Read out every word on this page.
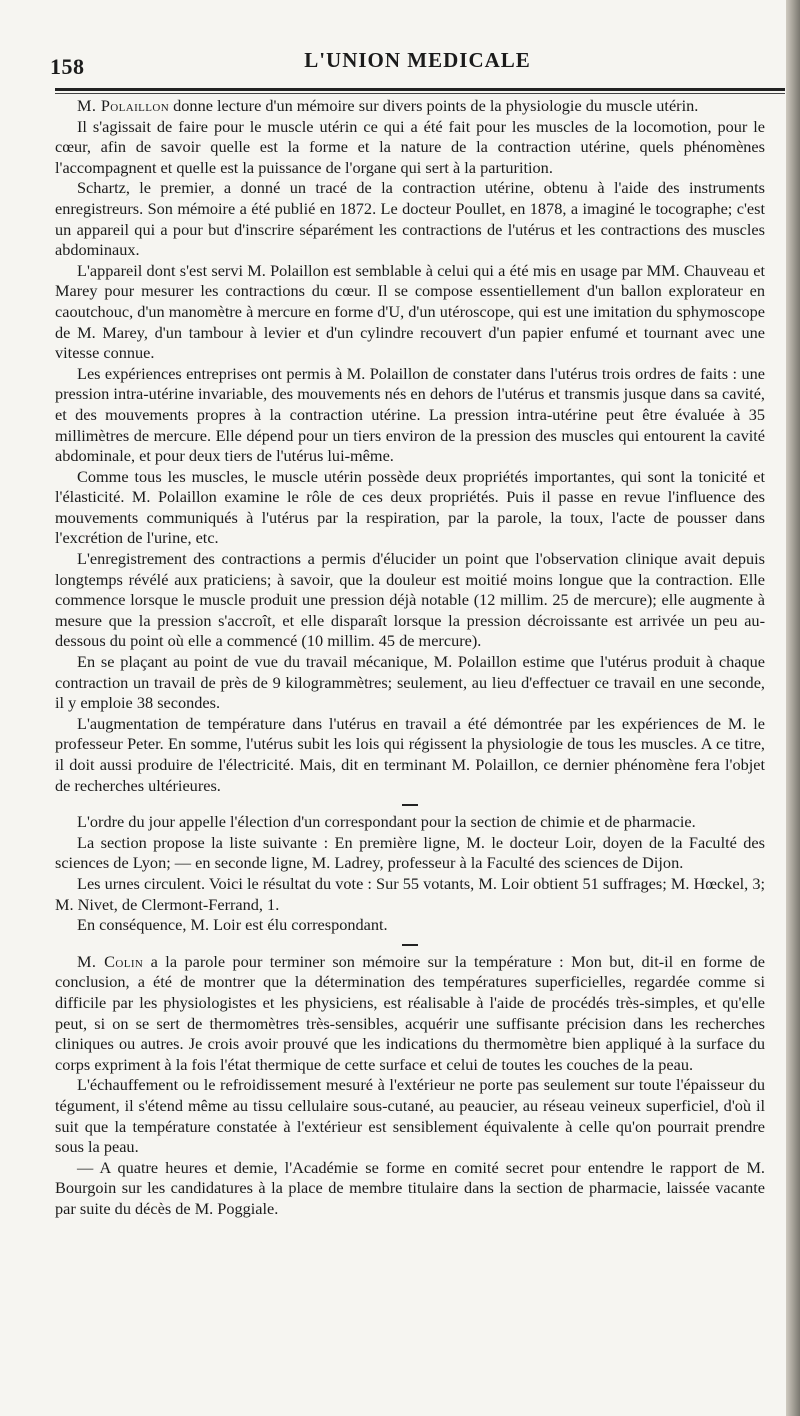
158	L'UNION MEDICALE

M. Polaillon donne lecture d'un mémoire sur divers points de la physiologie du muscle utérin.

Il s'agissait de faire pour le muscle utérin ce qui a été fait pour les muscles de la locomotion, pour le cœur, afin de savoir quelle est la forme et la nature de la contraction utérine, quels phénomènes l'accompagnent et quelle est la puissance de l'organe qui sert à la parturition.

Schartz, le premier, a donné un tracé de la contraction utérine, obtenu à l'aide des instruments enregistreurs. Son mémoire a été publié en 1872. Le docteur Poullet, en 1878, a imaginé le tocographe; c'est un appareil qui a pour but d'inscrire séparément les contractions de l'utérus et les contractions des muscles abdominaux.

L'appareil dont s'est servi M. Polaillon est semblable à celui qui a été mis en usage par MM. Chauveau et Marey pour mesurer les contractions du cœur. Il se compose essentiellement d'un ballon explorateur en caoutchouc, d'un manomètre à mercure en forme d'U, d'un utéroscope, qui est une imitation du sphymoscope de M. Marey, d'un tambour à levier et d'un cylindre recouvert d'un papier enfumé et tournant avec une vitesse connue.

Les expériences entreprises ont permis à M. Polaillon de constater dans l'utérus trois ordres de faits : une pression intra-utérine invariable, des mouvements nés en dehors de l'utérus et transmis jusque dans sa cavité, et des mouvements propres à la contraction utérine. La pression intra-utérine peut être évaluée à 35 millimètres de mercure. Elle dépend pour un tiers environ de la pression des muscles qui entourent la cavité abdominale, et pour deux tiers de l'utérus lui-même.

Comme tous les muscles, le muscle utérin possède deux propriétés importantes, qui sont la tonicité et l'élasticité. M. Polaillon examine le rôle de ces deux propriétés. Puis il passe en revue l'influence des mouvements communiqués à l'utérus par la respiration, par la parole, la toux, l'acte de pousser dans l'excrétion de l'urine, etc.

L'enregistrement des contractions a permis d'élucider un point que l'observation clinique avait depuis longtemps révélé aux praticiens; à savoir, que la douleur est moitié moins longue que la contraction. Elle commence lorsque le muscle produit une pression déjà notable (12 millim. 25 de mercure); elle augmente à mesure que la pression s'accroît, et elle disparaît lorsque la pression décroissante est arrivée un peu au-dessous du point où elle a commencé (10 millim. 45 de mercure).

En se plaçant au point de vue du travail mécanique, M. Polaillon estime que l'utérus produit à chaque contraction un travail de près de 9 kilogrammètres; seulement, au lieu d'effectuer ce travail en une seconde, il y emploie 38 secondes.

L'augmentation de température dans l'utérus en travail a été démontrée par les expériences de M. le professeur Peter. En somme, l'utérus subit les lois qui régissent la physiologie de tous les muscles. A ce titre, il doit aussi produire de l'électricité. Mais, dit en terminant M. Polaillon, ce dernier phénomène fera l'objet de recherches ultérieures.

L'ordre du jour appelle l'élection d'un correspondant pour la section de chimie et de pharmacie.

La section propose la liste suivante : En première ligne, M. le docteur Loir, doyen de la Faculté des sciences de Lyon; — en seconde ligne, M. Ladrey, professeur à la Faculté des sciences de Dijon.

Les urnes circulent. Voici le résultat du vote : Sur 55 votants, M. Loir obtient 51 suffrages; M. Hœckel, 3; M. Nivet, de Clermont-Ferrand, 1.

En conséquence, M. Loir est élu correspondant.

M. Colin a la parole pour terminer son mémoire sur la température : Mon but, dit-il en forme de conclusion, a été de montrer que la détermination des températures superficielles, regardée comme si difficile par les physiologistes et les physiciens, est réalisable à l'aide de procédés très-simples, et qu'elle peut, si on se sert de thermomètres très-sensibles, acquérir une suffisante précision dans les recherches cliniques ou autres. Je crois avoir prouvé que les indications du thermomètre bien appliqué à la surface du corps expriment à la fois l'état thermique de cette surface et celui de toutes les couches de la peau.

L'échauffement ou le refroidissement mesuré à l'extérieur ne porte pas seulement sur toute l'épaisseur du tégument, il s'étend même au tissu cellulaire sous-cutané, au peaucier, au réseau veineux superficiel, d'où il suit que la température constatée à l'extérieur est sensiblement équivalente à celle qu'on pourrait prendre sous la peau.

— A quatre heures et demie, l'Académie se forme en comité secret pour entendre le rapport de M. Bourgoin sur les candidatures à la place de membre titulaire dans la section de pharmacie, laissée vacante par suite du décès de M. Poggiale.
